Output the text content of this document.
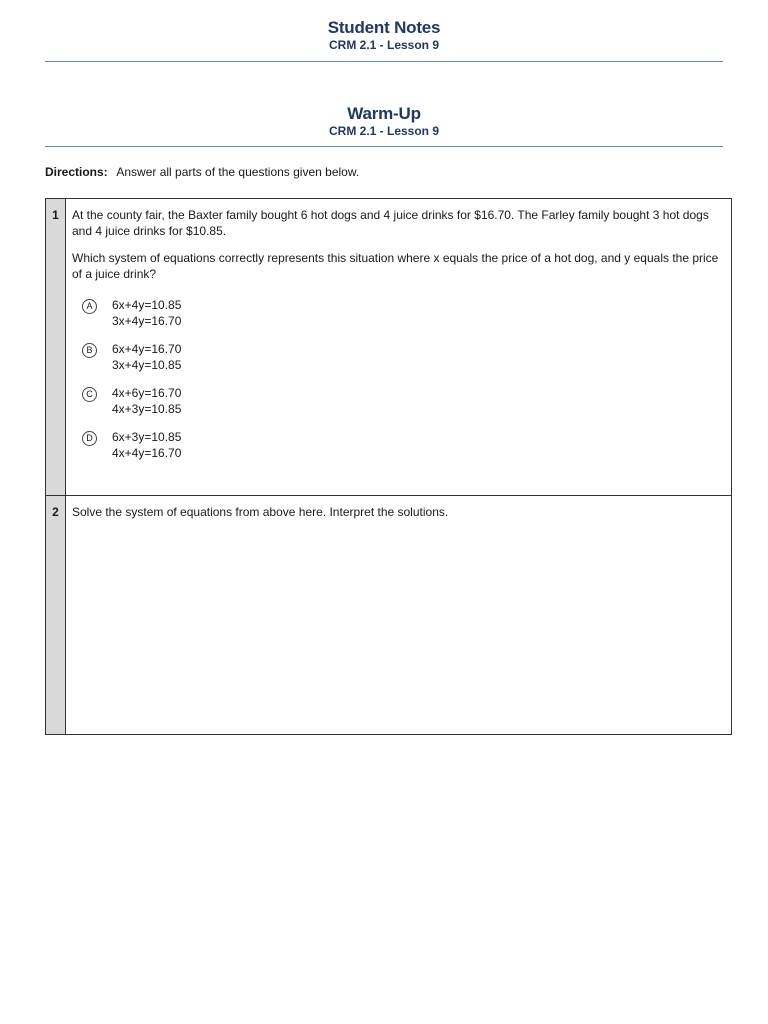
Student Notes
CRM 2.1 - Lesson 9
Warm-Up
CRM 2.1 - Lesson 9
Directions: Answer all parts of the questions given below.
1	At the county fair, the Baxter family bought 6 hot dogs and 4 juice drinks for $16.70. The Farley family bought 3 hot dogs and 4 juice drinks for $10.85.

Which system of equations correctly represents this situation where x equals the price of a hot dog, and y equals the price of a juice drink?

A	6x+4y=10.85
3x+4y=16.70
B	6x+4y=16.70
3x+4y=10.85
C	4x+6y=16.70
4x+3y=10.85
D	6x+3y=10.85
4x+4y=16.70
2	Solve the system of equations from above here. Interpret the solutions.
